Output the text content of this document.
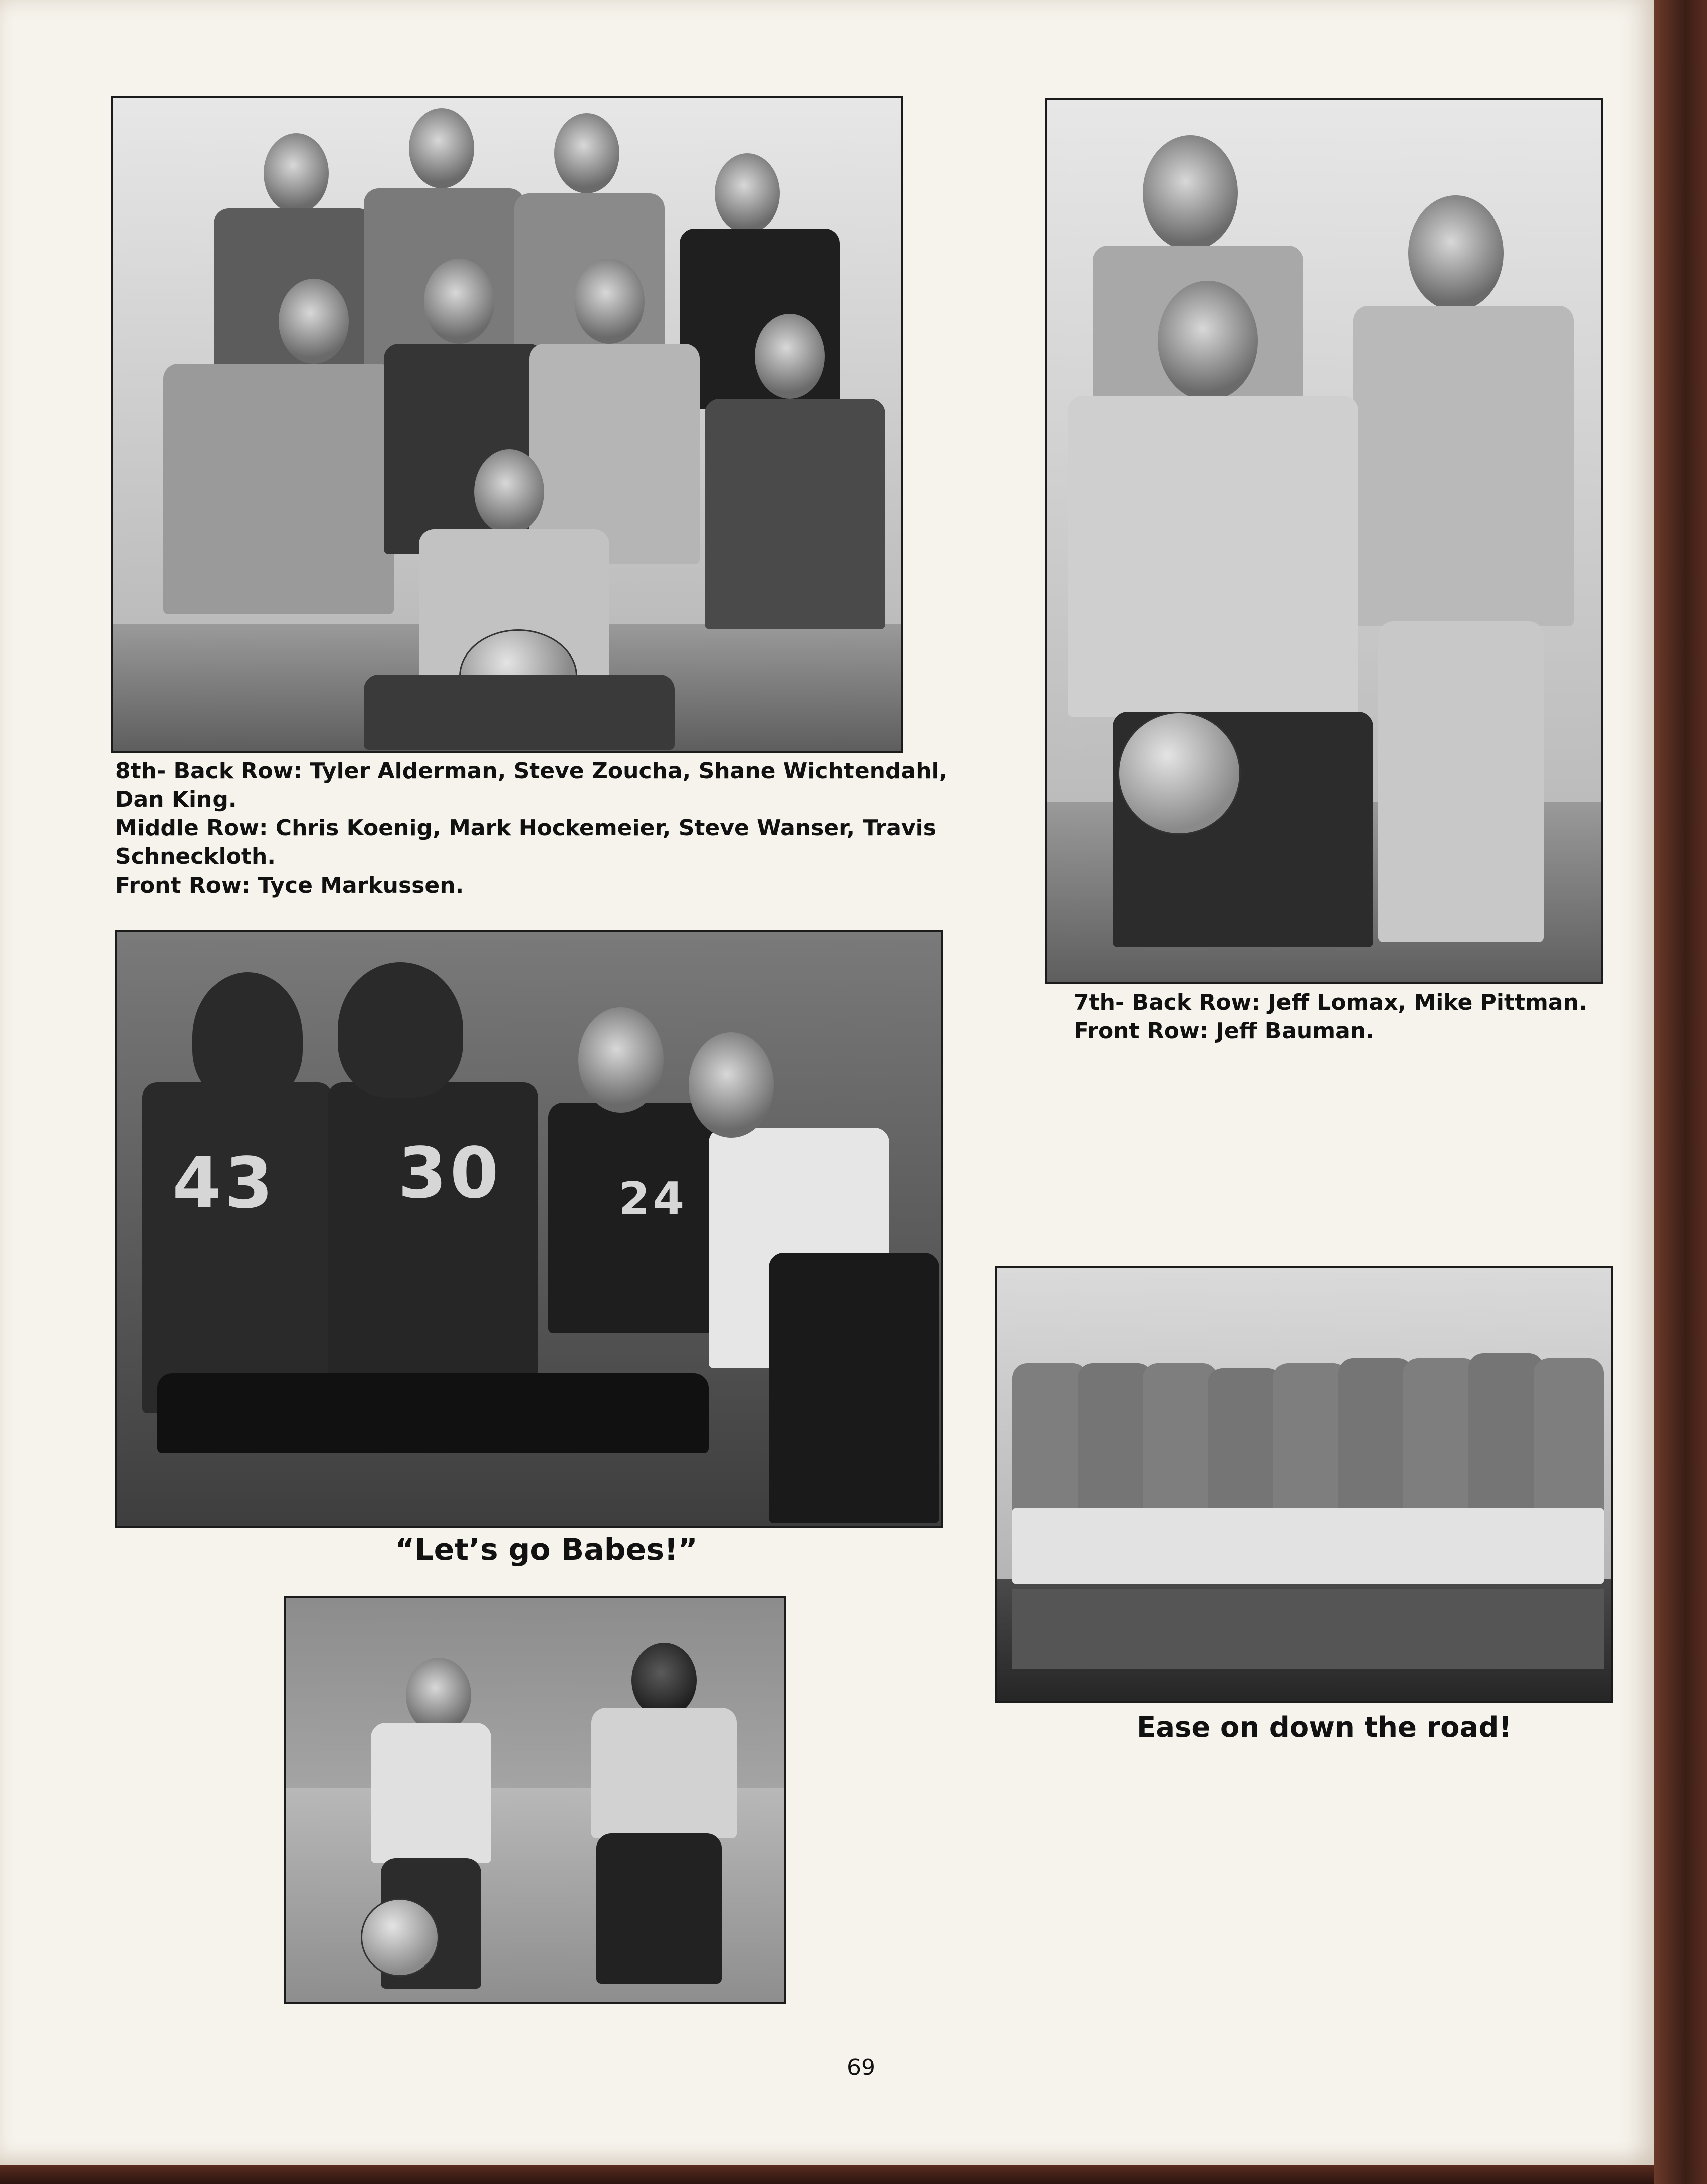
8th- Back Row: Tyler Alderman, Steve Zoucha, Shane Wichtendahl,
Dan King.
Middle Row: Chris Koenig, Mark Hockemeier, Steve Wanser, Travis
Schneckloth.
Front Row: Tyce Markussen.
7th- Back Row: Jeff Lomax, Mike Pittman.
Front Row: Jeff Bauman.
43 30	24
“Let’s go Babes!”
Ease on down the road!
69
